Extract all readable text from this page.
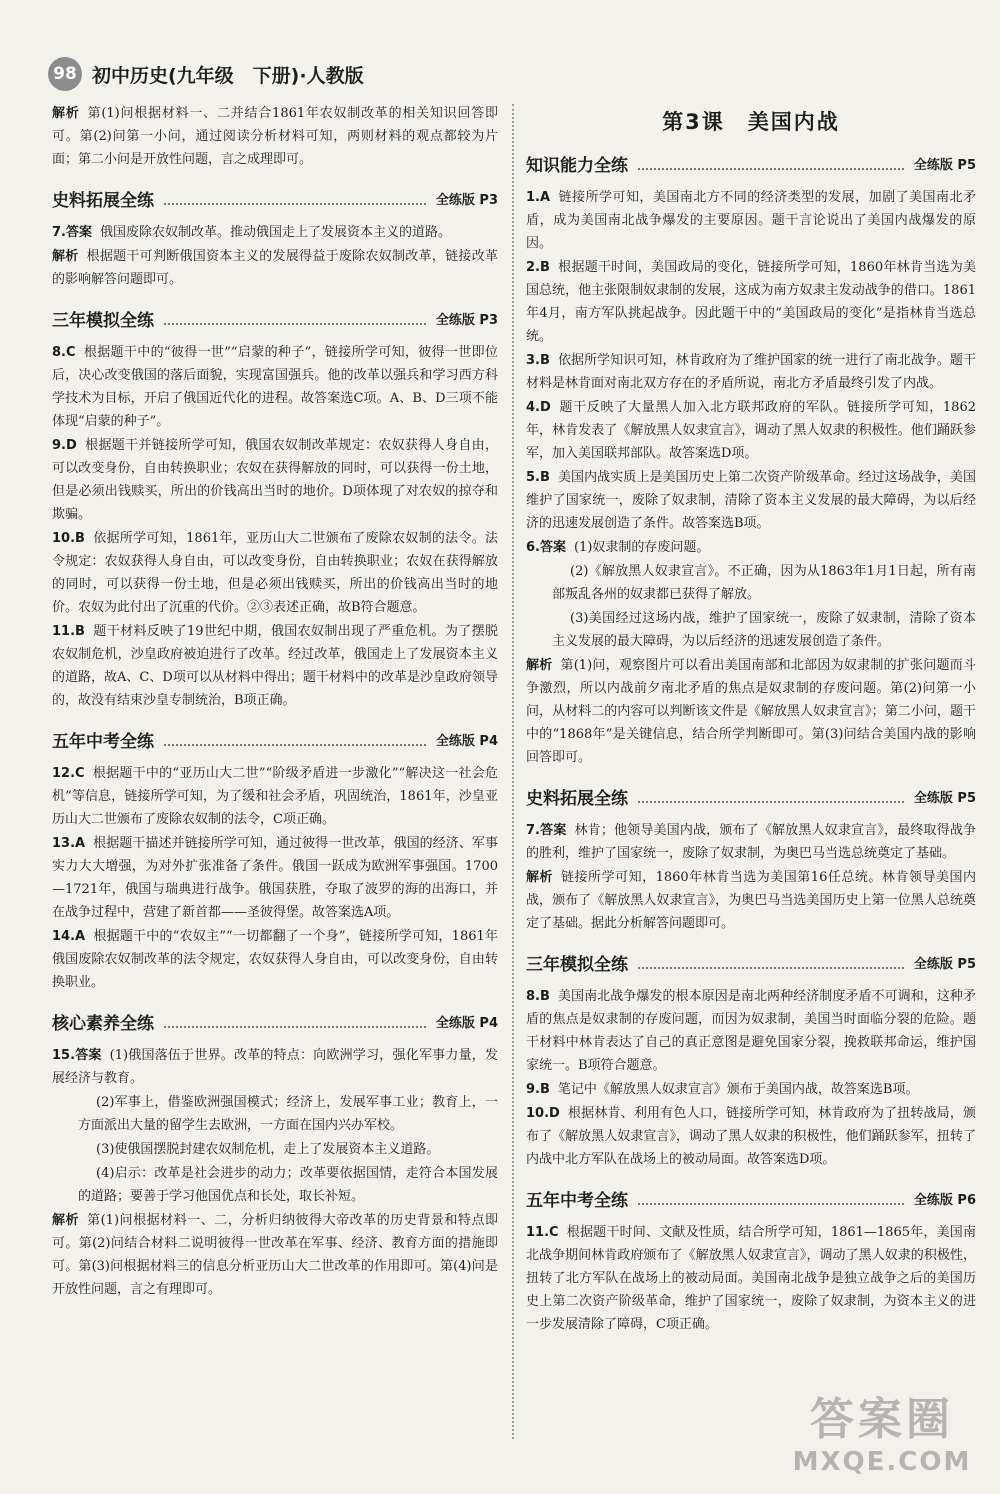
98 初中历史(九年级　下册)·人教版

解析 第(1)问根据材料一、二并结合1861年农奴制改革的相关知识回答即可。第(2)问第一小问，通过阅读分析材料可知，两则材料的观点都较为片面；第二小问是开放性问题，言之成理即可。

史料拓展全练	全练版 P3

7.答案 俄国废除农奴制改革。推动俄国走上了发展资本主义的道路。

解析 根据题干可判断俄国资本主义的发展得益于废除农奴制改革，链接改革的影响解答问题即可。

三年模拟全练	全练版 P3

8.C 根据题干中的“彼得一世”“启蒙的种子”，链接所学可知，彼得一世即位后，决心改变俄国的落后面貌，实现富国强兵。他的改革以强兵和学习西方科学技术为目标，开启了俄国近代化的进程。故答案选C项。A、B、D三项不能体现“启蒙的种子”。

9.D 根据题干并链接所学可知，俄国农奴制改革规定：农奴获得人身自由，可以改变身份，自由转换职业；农奴在获得解放的同时，可以获得一份土地，但是必须出钱赎买，所出的价钱高出当时的地价。D项体现了对农奴的掠夺和欺骗。

10.B 依据所学可知，1861年，亚历山大二世颁布了废除农奴制的法令。法令规定：农奴获得人身自由，可以改变身份，自由转换职业；农奴在获得解放的同时，可以获得一份土地，但是必须出钱赎买，所出的价钱高出当时的地价。农奴为此付出了沉重的代价。②③表述正确，故B符合题意。

11.B 题干材料反映了19世纪中期，俄国农奴制出现了严重危机。为了摆脱农奴制危机，沙皇政府被迫进行了改革。经过改革，俄国走上了发展资本主义的道路，故A、C、D项可以从材料中得出；题干材料中的改革是沙皇政府领导的，故没有结束沙皇专制统治，B项正确。

五年中考全练	全练版 P4

12.C 根据题干中的“亚历山大二世”“阶级矛盾进一步激化”“解决这一社会危机”等信息，链接所学可知，为了缓和社会矛盾，巩固统治，1861年，沙皇亚历山大二世颁布了废除农奴制的法令，C项正确。

13.A 根据题干描述并链接所学可知，通过彼得一世改革，俄国的经济、军事实力大大增强，为对外扩张准备了条件。俄国一跃成为欧洲军事强国。1700—1721年，俄国与瑞典进行战争。俄国获胜，夺取了波罗的海的出海口，并在战争过程中，营建了新首都——圣彼得堡。故答案选A项。

14.A 根据题干中的“农奴主”“一切都翻了一个身”，链接所学可知，1861年俄国废除农奴制改革的法令规定，农奴获得人身自由，可以改变身份，自由转换职业。

核心素养全练	全练版 P4

15.答案 (1)俄国落伍于世界。改革的特点：向欧洲学习，强化军事力量，发展经济与教育。

(2)军事上，借鉴欧洲强国模式；经济上，发展军事工业；教育上，一方面派出大量的留学生去欧洲，一方面在国内兴办军校。

(3)使俄国摆脱封建农奴制危机，走上了发展资本主义道路。

(4)启示：改革是社会进步的动力；改革要依据国情，走符合本国发展的道路；要善于学习他国优点和长处，取长补短。

解析 第(1)问根据材料一、二，分析归纳彼得大帝改革的历史背景和特点即可。第(2)问结合材料二说明彼得一世改革在军事、经济、教育方面的措施即可。第(3)问根据材料三的信息分析亚历山大二世改革的作用即可。第(4)问是开放性问题，言之有理即可。

第3课　美国内战
知识能力全练	全练版 P5

1.A 链接所学可知，美国南北方不同的经济类型的发展，加剧了美国南北矛盾，成为美国南北战争爆发的主要原因。题干言论说出了美国内战爆发的原因。

2.B 根据题干时间，美国政局的变化，链接所学可知，1860年林肯当选为美国总统，他主张限制奴隶制的发展，这成为南方奴隶主发动战争的借口。1861年4月，南方军队挑起战争。因此题干中的“美国政局的变化”是指林肯当选总统。

3.B 依据所学知识可知，林肯政府为了维护国家的统一进行了南北战争。题干材料是林肯面对南北双方存在的矛盾所说，南北方矛盾最终引发了内战。

4.D 题干反映了大量黑人加入北方联邦政府的军队。链接所学可知，1862年，林肯发表了《解放黑人奴隶宣言》，调动了黑人奴隶的积极性。他们踊跃参军，加入美国联邦部队。故答案选D项。

5.B 美国内战实质上是美国历史上第二次资产阶级革命。经过这场战争，美国维护了国家统一，废除了奴隶制，清除了资本主义发展的最大障碍，为以后经济的迅速发展创造了条件。故答案选B项。

6.答案 (1)奴隶制的存废问题。

(2)《解放黑人奴隶宣言》。不正确，因为从1863年1月1日起，所有南部叛乱各州的奴隶都已获得了解放。

(3)美国经过这场内战，维护了国家统一，废除了奴隶制，清除了资本主义发展的最大障碍，为以后经济的迅速发展创造了条件。

解析 第(1)问，观察图片可以看出美国南部和北部因为奴隶制的扩张问题而斗争激烈，所以内战前夕南北矛盾的焦点是奴隶制的存废问题。第(2)问第一小问，从材料二的内容可以判断该文件是《解放黑人奴隶宣言》；第二小问，题干中的“1868年”是关键信息，结合所学判断即可。第(3)问结合美国内战的影响回答即可。

史料拓展全练	全练版 P5

7.答案 林肯；他领导美国内战，颁布了《解放黑人奴隶宣言》，最终取得战争的胜利，维护了国家统一，废除了奴隶制，为奥巴马当选总统奠定了基础。

解析 链接所学可知，1860年林肯当选为美国第16任总统。林肯领导美国内战，颁布了《解放黑人奴隶宣言》，为奥巴马当选美国历史上第一位黑人总统奠定了基础。据此分析解答问题即可。

三年模拟全练	全练版 P5

8.B 美国南北战争爆发的根本原因是南北两种经济制度矛盾不可调和，这种矛盾的焦点是奴隶制的存废问题，而因为奴隶制，美国当时面临分裂的危险。题干材料中林肯表达了自己的真正意图是避免国家分裂，挽救联邦命运，维护国家统一。B项符合题意。

9.B 笔记中《解放黑人奴隶宣言》颁布于美国内战，故答案选B项。

10.D 根据林肯、利用有色人口，链接所学可知，林肯政府为了扭转战局，颁布了《解放黑人奴隶宣言》，调动了黑人奴隶的积极性，他们踊跃参军，扭转了内战中北方军队在战场上的被动局面。故答案选D项。

五年中考全练	全练版 P6

11.C 根据题干时间、文献及性质，结合所学可知，1861—1865年，美国南北战争期间林肯政府颁布了《解放黑人奴隶宣言》，调动了黑人奴隶的积极性，扭转了北方军队在战场上的被动局面。美国南北战争是独立战争之后的美国历史上第二次资产阶级革命，维护了国家统一，废除了奴隶制，为资本主义的进一步发展清除了障碍，C项正确。

答案圈
MXQE.COM
